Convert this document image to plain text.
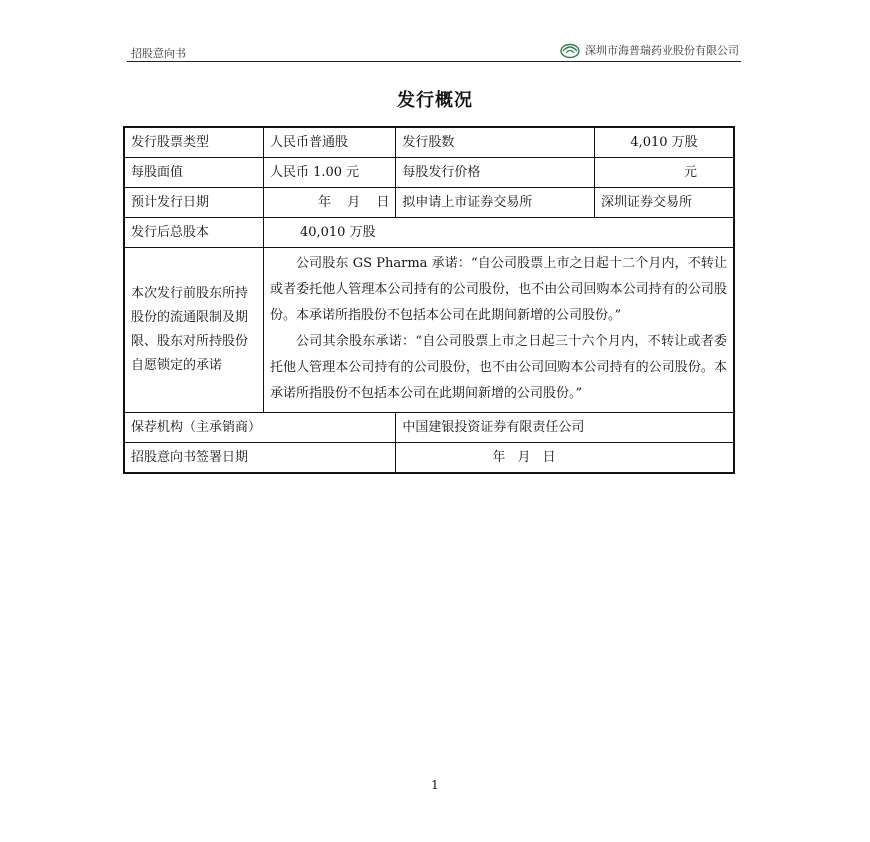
招股意向书	深圳市海普瑞药业股份有限公司
发行概况
发行股票类型	人民币普通股	发行股数	4,010 万股
每股面值	人民币 1.00 元	每股发行价格	元
预计发行日期	年 月 日	拟申请上市证券交易所	深圳证券交易所
发行后总股本	40,010 万股		
本次发行前股东所持股份的流通限制及期限、股东对所持股份自愿锁定的承诺	公司股东 GS Pharma 承诺：“自公司股票上市之日起十二个月内，不转让或者委托他人管理本公司持有的公司股份，也不由公司回购本公司持有的公司股份。本承诺所指股份不包括本公司在此期间新增的公司股份。”

公司其余股东承诺：“自公司股票上市之日起三十六个月内，不转让或者委托他人管理本公司持有的公司股份，也不由公司回购本公司持有的公司股份。本承诺所指股份不包括本公司在此期间新增的公司股份。”		

保荐机构（主承销商）		中国建银投资证券有限责任公司	
招股意向书签署日期		年 月 日	
1
